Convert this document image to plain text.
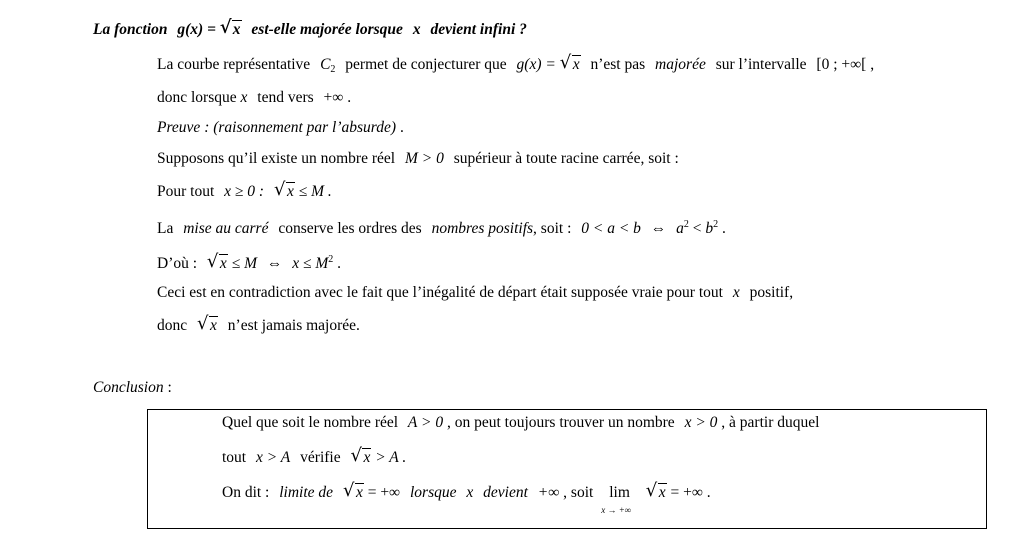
La fonction g(x) = √ x est-elle majorée lorsque x devient infini ?
La courbe représentative $C_2$ permet de conjecturer que g(x) = √ x n’est pas majorée sur l’intervalle [0 ; +∞[ ,
donc lorsque x tend vers +∞ .
Preuve : (raisonnement par l’absurde) .
Supposons qu’il existe un nombre réel M > 0 supérieur à toute racine carrée, soit :
Pour tout x ≥ 0 : √ x ≤ M .
La mise au carré conserve les ordres des nombres positifs, soit : 0 < a < b ⇔ $a^2 < b^2$ .
D’où : √ x ≤ M ⇔ $x \le M^2$ .
Ceci est en contradiction avec le fait que l’inégalité de départ était supposée vraie pour tout x positif,
donc √ x n’est jamais majorée.
Conclusion :
Quel que soit le nombre réel A > 0 , on peut toujours trouver un nombre x > 0 , à partir duquel
tout x > A vérifie √ x > A .
On dit : limite de √ x = +∞ lorsque x devient +∞ , soit lim
x → +∞

√ x = +∞ .
